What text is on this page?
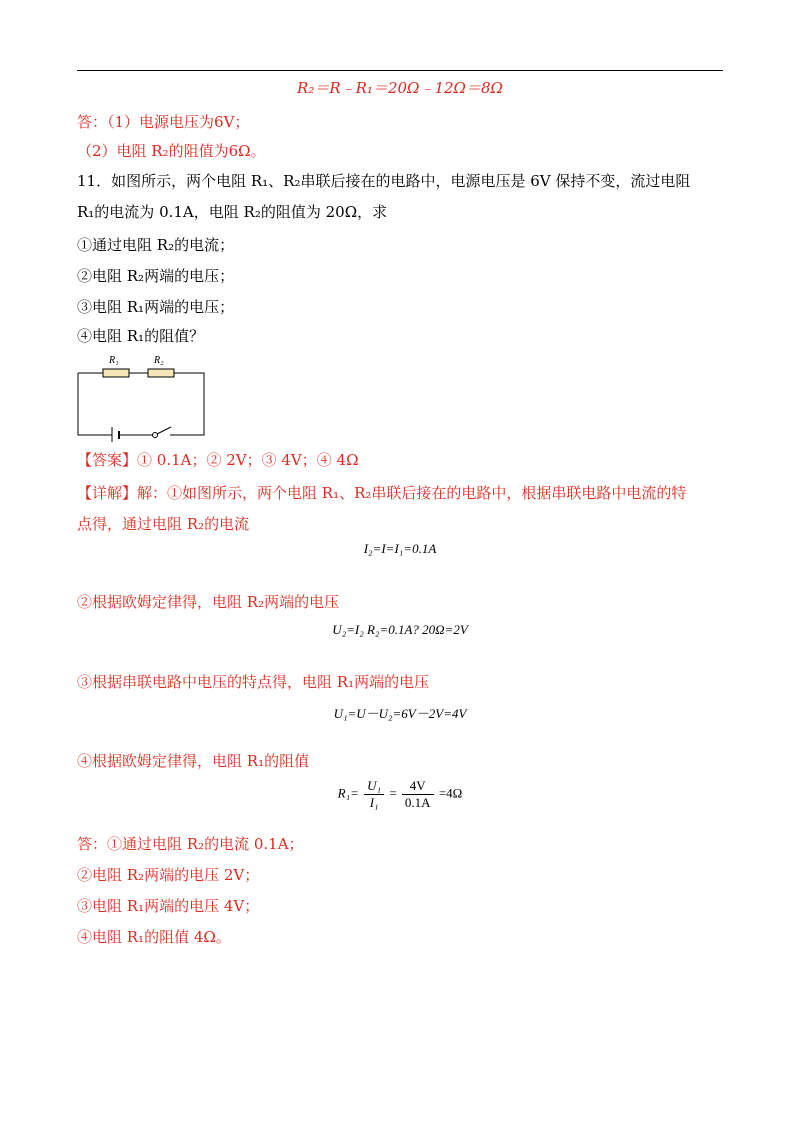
R₂＝R﹣R₁＝20Ω﹣12Ω＝8Ω
答：（1）电源电压为6V；
（2）电阻 R₂的阻值为6Ω。
11．如图所示，两个电阻 R₁、R₂串联后接在的电路中，电源电压是 6V 保持不变，流过电阻
R₁的电流为 0.1A，电阻 R₂的阻值为 20Ω，求
①通过电阻 R₂的电流；
②电阻 R₂两端的电压；
③电阻 R₁两端的电压；
④电阻 R₁的阻值？
R₁	R₂
【答案】① 0.1A；② 2V；③ 4V；④ 4Ω
【详解】解：①如图所示，两个电阻 R₁、R₂串联后接在的电路中，根据串联电路中电流的特
点得，通过电阻 R₂的电流
I₂=I=I₁=0.1A
②根据欧姆定律得，电阻 R₂两端的电压
U₂=I₂ R₂=0.1A? 20Ω=2V
③根据串联电路中电压的特点得，电阻 R₁两端的电压
U₁=U－U₂=6V－2V=4V
④根据欧姆定律得，电阻 R₁的阻值
$R_1= \frac{\text{U₁}}{\text{I₁}} = \frac{4V}{0.1A} =4\Omega$
答：①通过电阻 R₂的电流 0.1A；
②电阻 R₂两端的电压 2V；
③电阻 R₁两端的电压 4V；
④电阻 R₁的阻值 4Ω。
